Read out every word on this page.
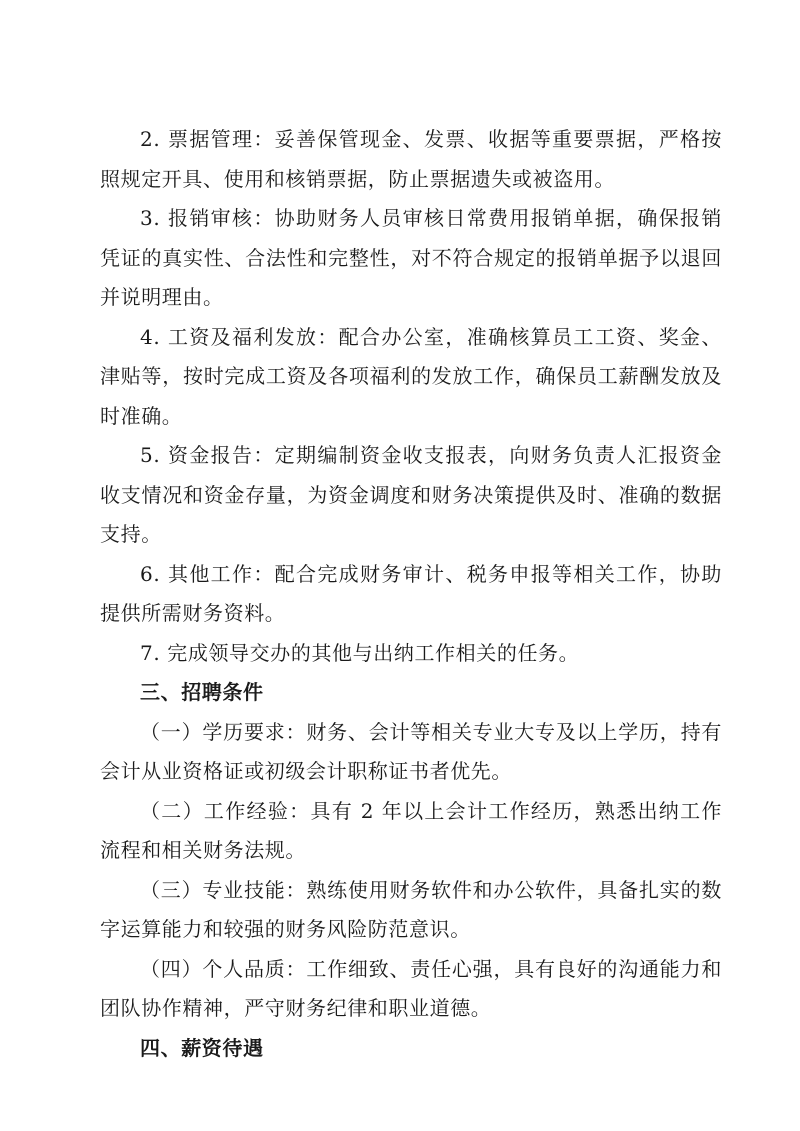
2. 票据管理：妥善保管现金、发票、收据等重要票据，严格按照规定开具、使用和核销票据，防止票据遗失或被盗用。

3. 报销审核：协助财务人员审核日常费用报销单据，确保报销凭证的真实性、合法性和完整性，对不符合规定的报销单据予以退回并说明理由。

4. 工资及福利发放：配合办公室，准确核算员工工资、奖金、津贴等，按时完成工资及各项福利的发放工作，确保员工薪酬发放及时准确。

5. 资金报告：定期编制资金收支报表，向财务负责人汇报资金收支情况和资金存量，为资金调度和财务决策提供及时、准确的数据支持。

6. 其他工作：配合完成财务审计、税务申报等相关工作，协助提供所需财务资料。

7. 完成领导交办的其他与出纳工作相关的任务。

三、招聘条件

（一）学历要求：财务、会计等相关专业大专及以上学历，持有会计从业资格证或初级会计职称证书者优先。

（二）工作经验：具有 2 年以上会计工作经历，熟悉出纳工作流程和相关财务法规。

（三）专业技能：熟练使用财务软件和办公软件，具备扎实的数字运算能力和较强的财务风险防范意识。

（四）个人品质：工作细致、责任心强，具有良好的沟通能力和团队协作精神，严守财务纪律和职业道德。

四、薪资待遇
